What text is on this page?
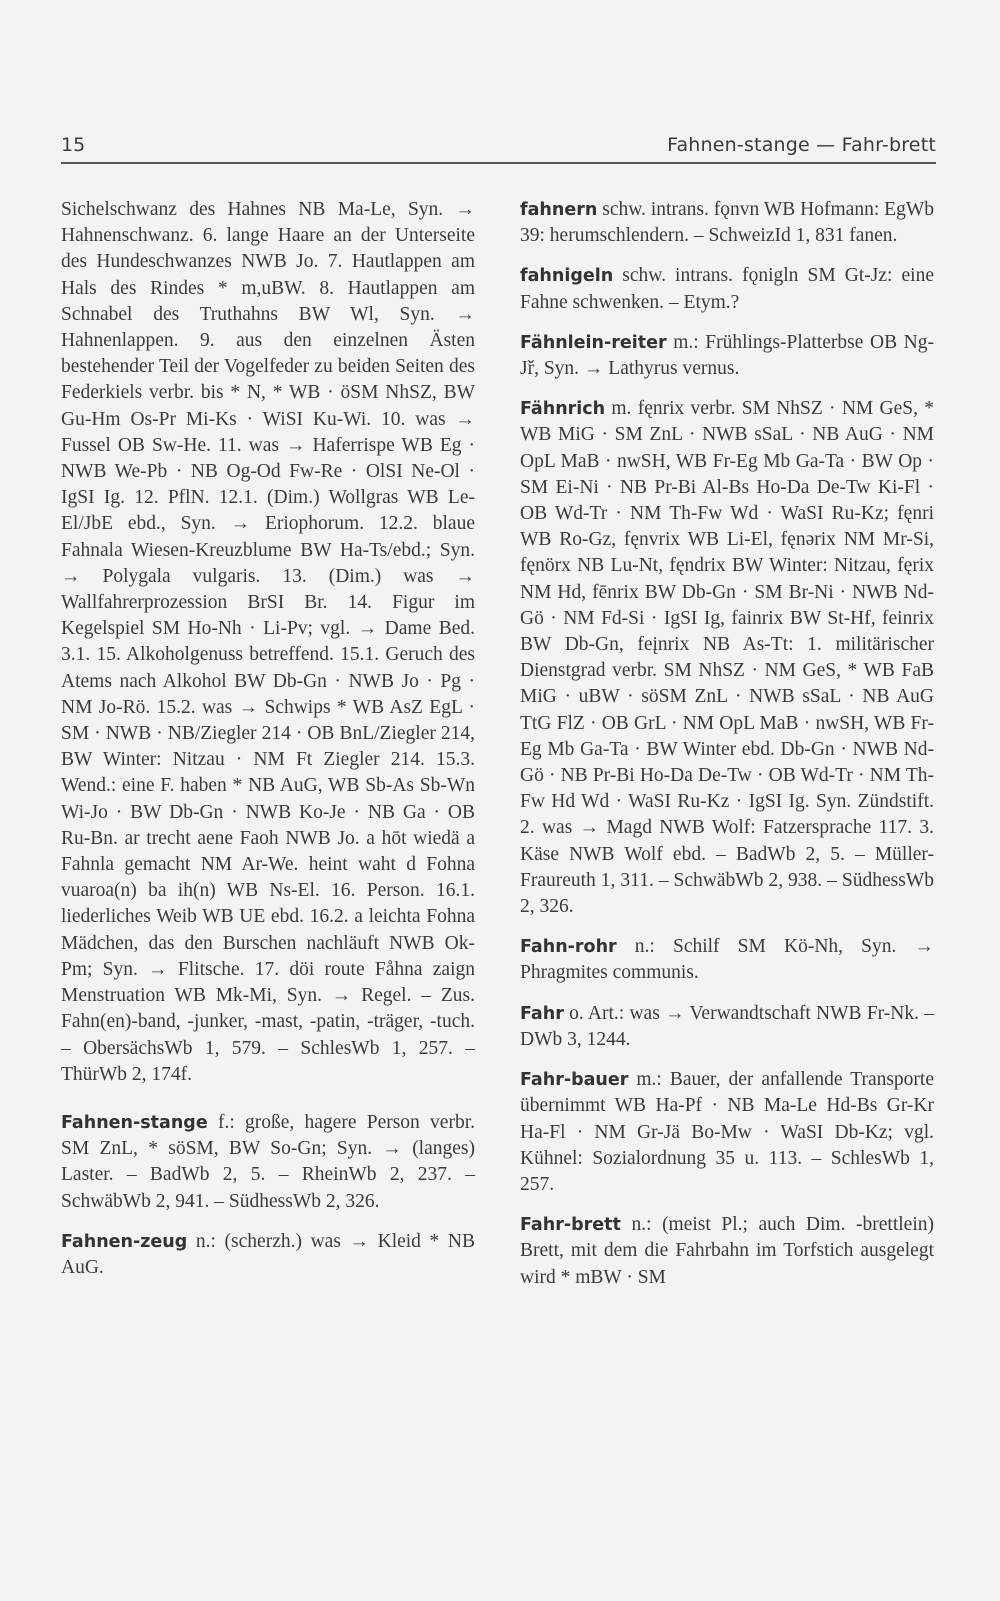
15	Fahnen-stange — Fahr-brett

Sichelschwanz des Hahnes NB Ma-Le, Syn. → Hahnenschwanz. 6. lange Haare an der Unterseite des Hundeschwanzes NWB Jo. 7. Hautlappen am Hals des Rindes * m,uBW. 8. Hautlappen am Schnabel des Truthahns BW Wl, Syn. → Hahnenlappen. 9. aus den einzelnen Ästen bestehender Teil der Vogelfeder zu beiden Seiten des Federkiels verbr. bis * N, * WB · öSM NhSZ, BW Gu-Hm Os-Pr Mi-Ks · WiSI Ku-Wi. 10. was → Fussel OB Sw-He. 11. was → Haferrispe WB Eg · NWB We-Pb · NB Og-Od Fw-Re · OlSI Ne-Ol · IgSI Ig. 12. PflN. 12.1. (Dim.) Wollgras WB Le-El/JbE ebd., Syn. → Eriophorum. 12.2. blaue Fahnala Wiesen-Kreuzblume BW Ha-Ts/ebd.; Syn. → Polygala vulgaris. 13. (Dim.) was → Wallfahrerprozession BrSI Br. 14. Figur im Kegelspiel SM Ho-Nh · Li-Pv; vgl. → Dame Bed. 3.1. 15. Alkoholgenuss betreffend. 15.1. Geruch des Atems nach Alkohol BW Db-Gn · NWB Jo · Pg · NM Jo-Rö. 15.2. was → Schwips * WB AsZ EgL · SM · NWB · NB/Ziegler 214 · OB BnL/Ziegler 214, BW Winter: Nitzau · NM Ft Ziegler 214. 15.3. Wend.: eine F. haben * NB AuG, WB Sb-As Sb-Wn Wi-Jo · BW Db-Gn · NWB Ko-Je · NB Ga · OB Ru-Bn. ar trecht aene Faoh NWB Jo. a hōt wiedä a Fahnla gemacht NM Ar-We. heint waht d Fohna vuaroa(n) ba ih(n) WB Ns-El. 16. Person. 16.1. liederliches Weib WB UE ebd. 16.2. a leichta Fohna Mädchen, das den Burschen nachläuft NWB Ok-Pm; Syn. → Flitsche. 17. döi route Fåhna zaign Menstruation WB Mk-Mi, Syn. → Regel. – Zus. Fahn(en)-band, -junker, -mast, -patin, -träger, -tuch. – ObersächsWb 1, 579. – SchlesWb 1, 257. – ThürWb 2, 174f.

Fahnen-stange f.: große, hagere Person verbr. SM ZnL, * söSM, BW So-Gn; Syn. → (langes) Laster. – BadWb 2, 5. – RheinWb 2, 237. – SchwäbWb 2, 941. – SüdhessWb 2, 326.

Fahnen-zeug n.: (scherzh.) was → Kleid * NB AuG.

fahnern schw. intrans. fǫnvn WB Hofmann: EgWb 39: herumschlendern. – SchweizId 1, 831 fanen.

fahnigeln schw. intrans. fǫnigln SM Gt-Jz: eine Fahne schwenken. – Etym.?

Fähnlein-reiter m.: Frühlings-Platterbse OB Ng-Jř, Syn. → Lathyrus vernus.

Fähnrich m. fęnrix verbr. SM NhSZ · NM GeS, * WB MiG · SM ZnL · NWB sSaL · NB AuG · NM OpL MaB · nwSH, WB Fr-Eg Mb Ga-Ta · BW Op · SM Ei-Ni · NB Pr-Bi Al-Bs Ho-Da De-Tw Ki-Fl · OB Wd-Tr · NM Th-Fw Wd · WaSI Ru-Kz; fęnri WB Ro-Gz, fęnvrix WB Li-El, fęnərix NM Mr-Si, fęnörx NB Lu-Nt, fęndrix BW Winter: Nitzau, fęrix NM Hd, fēnrix BW Db-Gn · SM Br-Ni · NWB Nd-Gö · NM Fd-Si · IgSI Ig, fainrix BW St-Hf, feinrix BW Db-Gn, feįnrix NB As-Tt: 1. militärischer Dienstgrad verbr. SM NhSZ · NM GeS, * WB FaB MiG · uBW · söSM ZnL · NWB sSaL · NB AuG TtG FlZ · OB GrL · NM OpL MaB · nwSH, WB Fr-Eg Mb Ga-Ta · BW Winter ebd. Db-Gn · NWB Nd-Gö · NB Pr-Bi Ho-Da De-Tw · OB Wd-Tr · NM Th-Fw Hd Wd · WaSI Ru-Kz · IgSI Ig. Syn. Zündstift. 2. was → Magd NWB Wolf: Fatzersprache 117. 3. Käse NWB Wolf ebd. – BadWb 2, 5. – Müller-Fraureuth 1, 311. – SchwäbWb 2, 938. – SüdhessWb 2, 326.

Fahn-rohr n.: Schilf SM Kö-Nh, Syn. → Phragmites communis.

Fahr o. Art.: was → Verwandtschaft NWB Fr-Nk. – DWb 3, 1244.

Fahr-bauer m.: Bauer, der anfallende Transporte übernimmt WB Ha-Pf · NB Ma-Le Hd-Bs Gr-Kr Ha-Fl · NM Gr-Jä Bo-Mw · WaSI Db-Kz; vgl. Kühnel: Sozialordnung 35 u. 113. – SchlesWb 1, 257.

Fahr-brett n.: (meist Pl.; auch Dim. -brettlein) Brett, mit dem die Fahrbahn im Torfstich ausgelegt wird * mBW · SM
